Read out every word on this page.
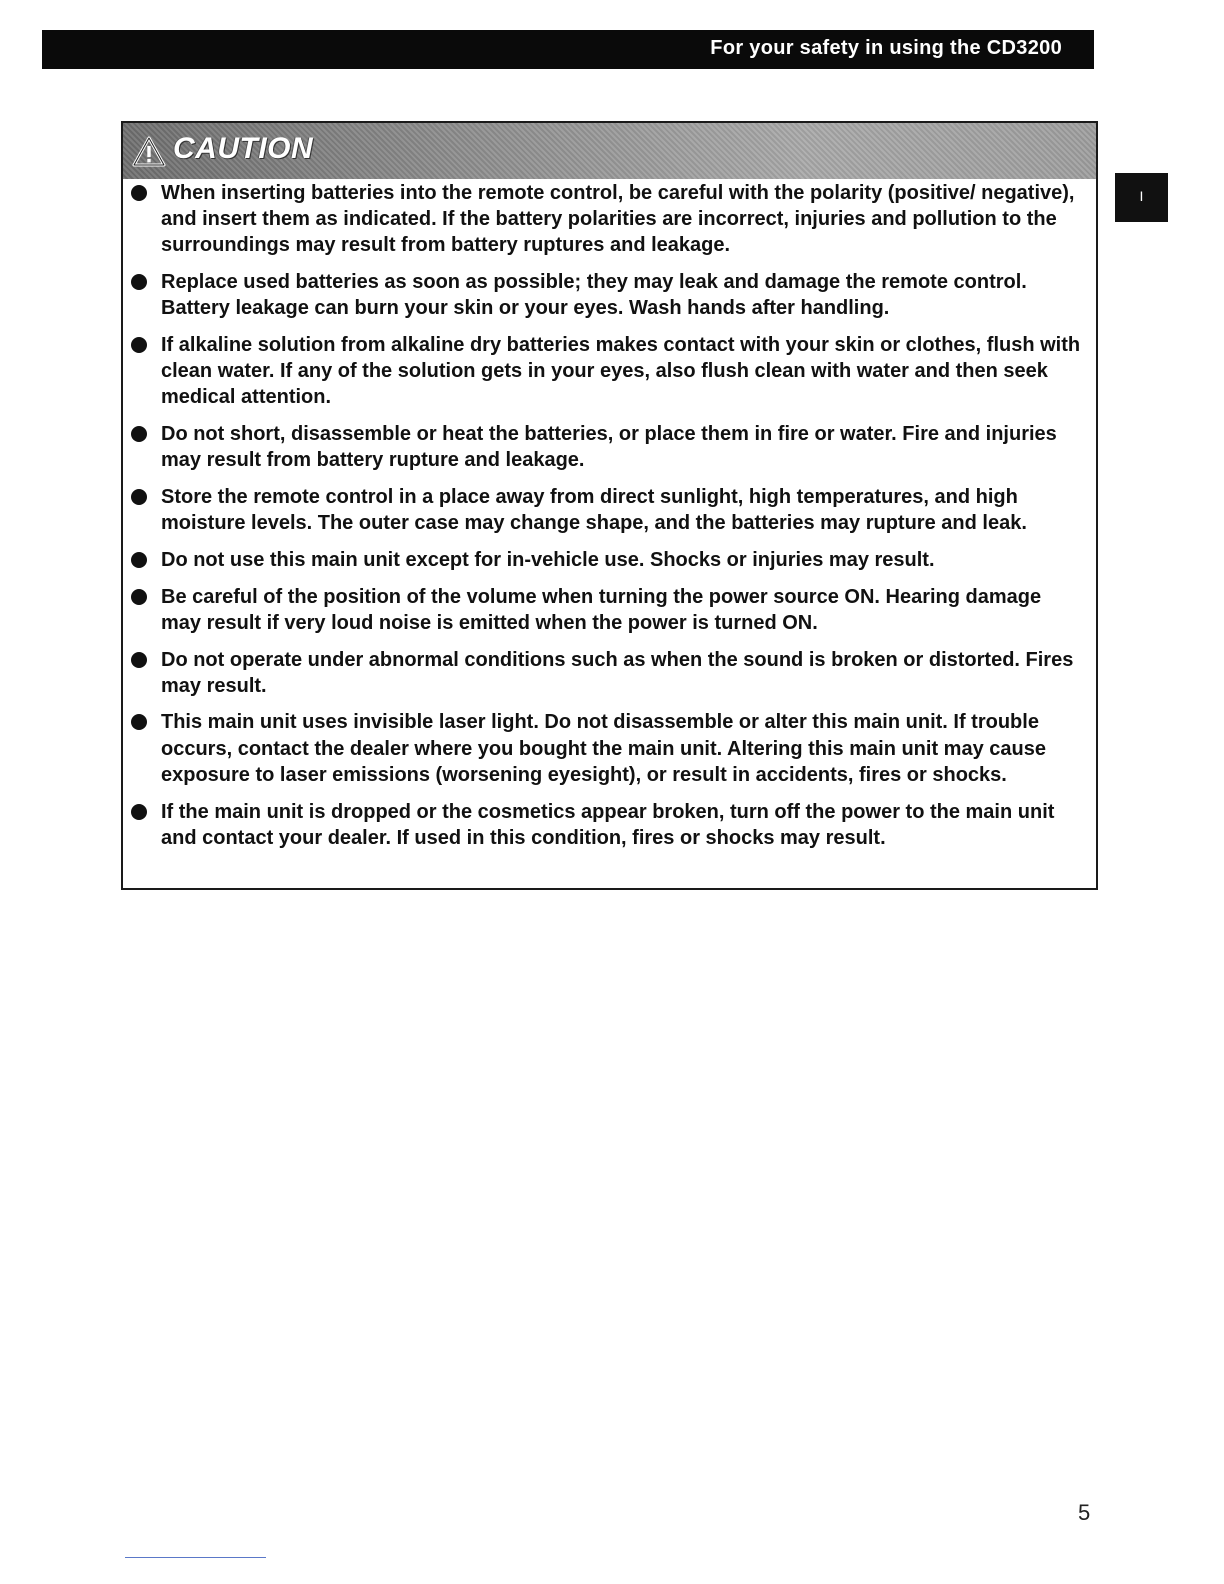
For your safety in using the CD3200
I
CAUTION
When inserting batteries into the remote control, be careful with the polarity (positive/ negative), and insert them as indicated. If the battery polarities are incorrect, injuries and pollution to the surroundings may result from battery ruptures and leakage.
Replace used batteries as soon as possible; they may leak and damage the remote control. Battery leakage can burn your skin or your eyes. Wash hands after handling.
If alkaline solution from alkaline dry batteries makes contact with your skin or clothes, flush with clean water. If any of the solution gets in your eyes, also flush clean with water and then seek medical attention.
Do not short, disassemble or heat the batteries, or place them in fire or water. Fire and injuries may result from battery rupture and leakage.
Store the remote control in a place away from direct sunlight, high temperatures, and high moisture levels. The outer case may change shape, and the batteries may rupture and leak.
Do not use this main unit except for in-vehicle use. Shocks or injuries may result.
Be careful of the position of the volume when turning the power source ON. Hearing damage may result if very loud noise is emitted when the power is turned ON.
Do not operate under abnormal conditions such as when the sound is broken or distorted. Fires may result.
This main unit uses invisible laser light. Do not disassemble or alter this main unit. If trouble occurs, contact the dealer where you bought the main unit. Altering this main unit may cause exposure to laser emissions (worsening eyesight), or result in accidents, fires or shocks.
If the main unit is dropped or the cosmetics appear broken, turn off the power to the main unit and contact your dealer. If used in this condition, fires or shocks may result.
5
